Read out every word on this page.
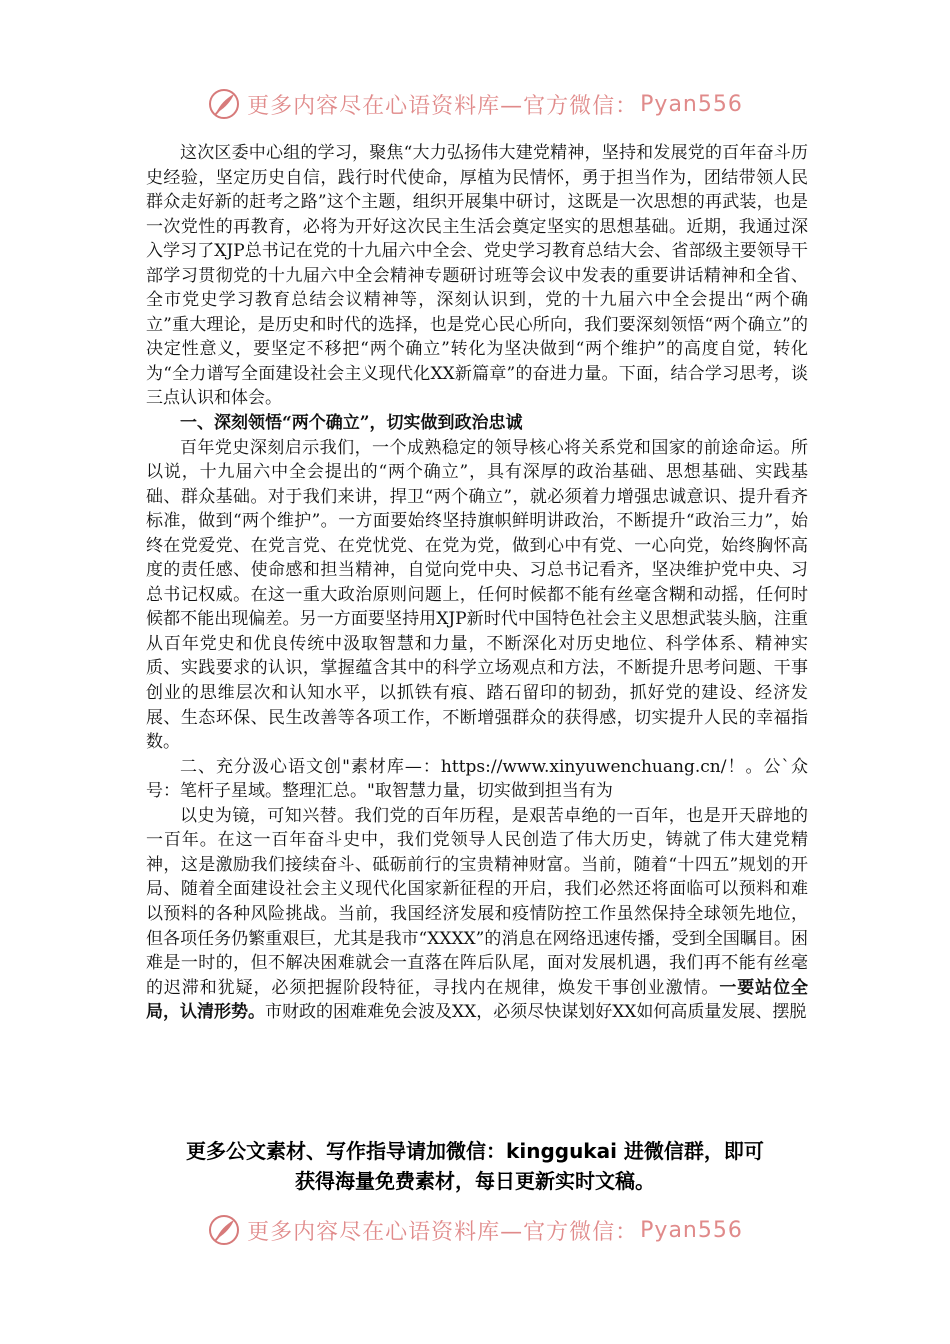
更多内容尽在心语资料库—官方微信： Pyan556

这次区委中心组的学习，聚焦“大力弘扬伟大建党精神，坚持和发展党的百年奋斗历史经验，坚定历史自信，践行时代使命，厚植为民情怀，勇于担当作为，团结带领人民群众走好新的赶考之路”这个主题，组织开展集中研讨，这既是一次思想的再武装，也是一次党性的再教育，必将为开好这次民主生活会奠定坚实的思想基础。近期，我通过深入学习了XJP总书记在党的十九届六中全会、党史学习教育总结大会、省部级主要领导干部学习贯彻党的十九届六中全会精神专题研讨班等会议中发表的重要讲话精神和全省、全市党史学习教育总结会议精神等，深刻认识到，党的十九届六中全会提出“两个确立”重大理论，是历史和时代的选择，也是党心民心所向，我们要深刻领悟“两个确立”的决定性意义，要坚定不移把“两个确立”转化为坚决做到“两个维护”的高度自觉，转化为“全力谱写全面建设社会主义现代化XX新篇章”的奋进力量。下面，结合学习思考，谈三点认识和体会。

一、深刻领悟“两个确立”，切实做到政治忠诚

百年党史深刻启示我们，一个成熟稳定的领导核心将关系党和国家的前途命运。所以说，十九届六中全会提出的“两个确立”，具有深厚的政治基础、思想基础、实践基础、群众基础。对于我们来讲，捍卫“两个确立”，就必须着力增强忠诚意识、提升看齐标准，做到“两个维护”。一方面要始终坚持旗帜鲜明讲政治，不断提升“政治三力”，始终在党爱党、在党言党、在党忧党、在党为党，做到心中有党、一心向党，始终胸怀高度的责任感、使命感和担当精神，自觉向党中央、习总书记看齐，坚决维护党中央、习总书记权威。在这一重大政治原则问题上，任何时候都不能有丝毫含糊和动摇，任何时候都不能出现偏差。另一方面要坚持用XJP新时代中国特色社会主义思想武装头脑，注重从百年党史和优良传统中汲取智慧和力量，不断深化对历史地位、科学体系、精神实质、实践要求的认识，掌握蕴含其中的科学立场观点和方法，不断提升思考问题、干事创业的思维层次和认知水平，以抓铁有痕、踏石留印的韧劲，抓好党的建设、经济发展、生态环保、民生改善等各项工作，不断增强群众的获得感，切实提升人民的幸福指数。

二、充分汲心语文创"素材库—：https://www.xinyuwenchuang.cn/！。公`众号：笔杆子星域。整理汇总。"取智慧力量，切实做到担当有为

以史为镜，可知兴替。我们党的百年历程，是艰苦卓绝的一百年，也是开天辟地的一百年。在这一百年奋斗史中，我们党领导人民创造了伟大历史，铸就了伟大建党精神，这是激励我们接续奋斗、砥砺前行的宝贵精神财富。当前，随着“十四五”规划的开局、随着全面建设社会主义现代化国家新征程的开启，我们必然还将面临可以预料和难以预料的各种风险挑战。当前，我国经济发展和疫情防控工作虽然保持全球领先地位，但各项任务仍繁重艰巨，尤其是我市“XXXX”的消息在网络迅速传播，受到全国瞩目。困难是一时的，但不解决困难就会一直落在阵后队尾，面对发展机遇，我们再不能有丝毫的迟滞和犹疑，必须把握阶段特征，寻找内在规律，焕发干事创业激情。一要站位全局，认清形势。市财政的困难难免会波及XX，必须尽快谋划好XX如何高质量发展、摆脱

更多公文素材、写作指导请加微信：kinggukai 进微信群，即可
获得海量免费素材，每日更新实时文稿。
更多内容尽在心语资料库—官方微信： Pyan556
